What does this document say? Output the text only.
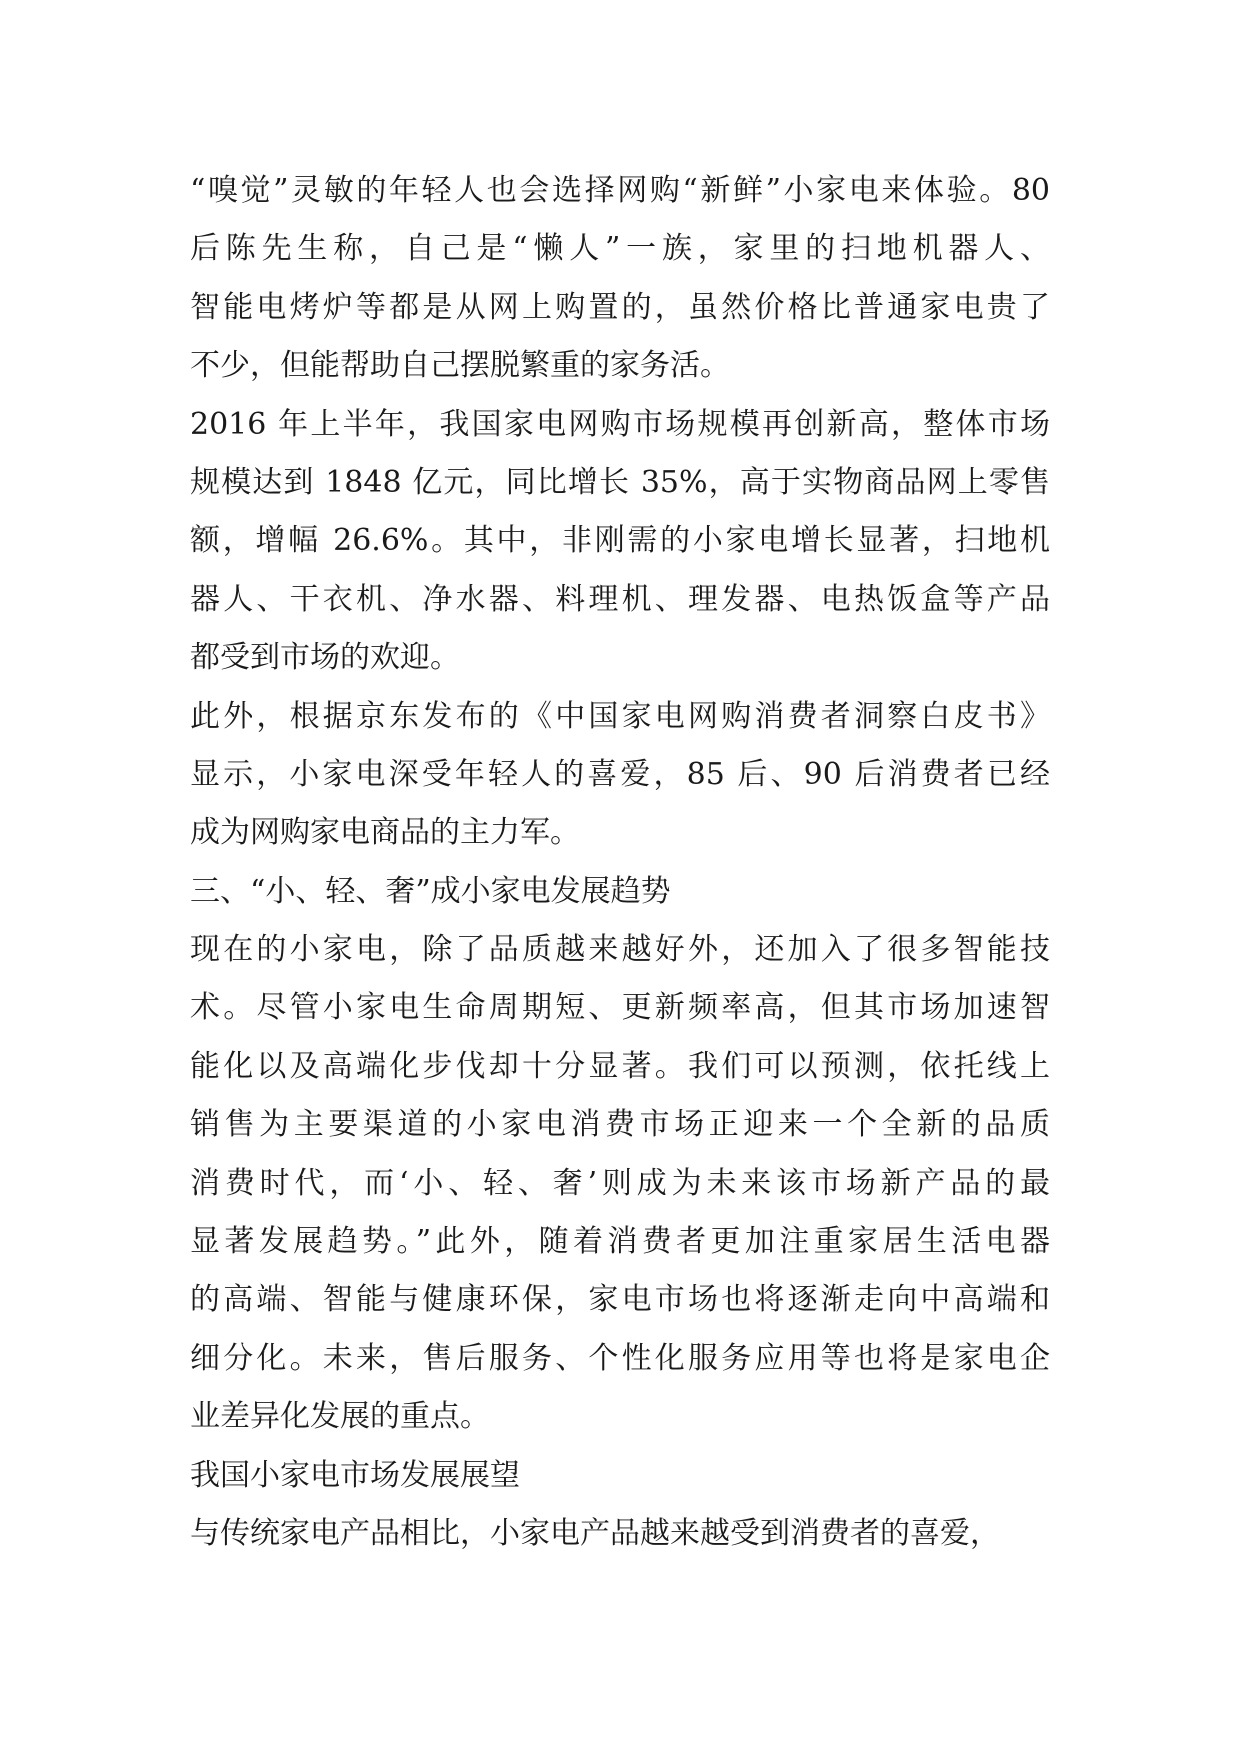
“嗅觉”灵敏的年轻人也会选择网购“新鲜”小家电来体验。80
后陈先生称，自己是“懒人”一族，家里的扫地机器人、
智能电烤炉等都是从网上购置的，虽然价格比普通家电贵了
不少，但能帮助自己摆脱繁重的家务活。
2016 年上半年，我国家电网购市场规模再创新高，整体市场
规模达到 1848 亿元，同比增长 35%，高于实物商品网上零售
额，增幅 26.6%。其中，非刚需的小家电增长显著，扫地机
器人、干衣机、净水器、料理机、理发器、电热饭盒等产品
都受到市场的欢迎。
此外，根据京东发布的《中国家电网购消费者洞察白皮书》
显示，小家电深受年轻人的喜爱，85 后、90 后消费者已经
成为网购家电商品的主力军。
三、“小、轻、奢”成小家电发展趋势
现在的小家电，除了品质越来越好外，还加入了很多智能技
术。尽管小家电生命周期短、更新频率高，但其市场加速智
能化以及高端化步伐却十分显著。我们可以预测，依托线上
销售为主要渠道的小家电消费市场正迎来一个全新的品质
消费时代，而‘小、轻、奢’则成为未来该市场新产品的最
显著发展趋势。”此外，随着消费者更加注重家居生活电器
的高端、智能与健康环保，家电市场也将逐渐走向中高端和
细分化。未来，售后服务、个性化服务应用等也将是家电企
业差异化发展的重点。
我国小家电市场发展展望
与传统家电产品相比，小家电产品越来越受到消费者的喜爱，
